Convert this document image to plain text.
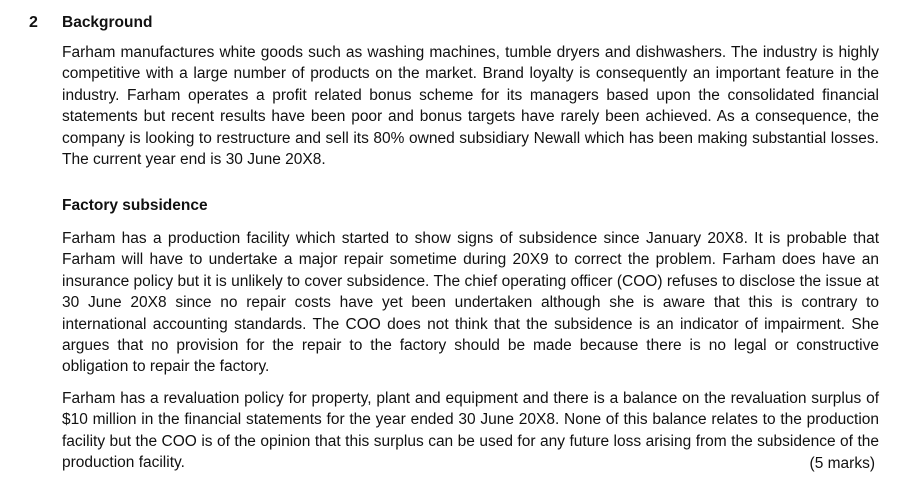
2 Background

Farham manufactures white goods such as washing machines, tumble dryers and dishwashers. The industry is highly competitive with a large number of products on the market. Brand loyalty is consequently an important feature in the industry. Farham operates a profit related bonus scheme for its managers based upon the consolidated financial statements but recent results have been poor and bonus targets have rarely been achieved. As a consequence, the company is looking to restructure and sell its 80% owned subsidiary Newall which has been making substantial losses. The current year end is 30 June 20X8.

Factory subsidence

Farham has a production facility which started to show signs of subsidence since January 20X8. It is probable that Farham will have to undertake a major repair sometime during 20X9 to correct the problem. Farham does have an insurance policy but it is unlikely to cover subsidence. The chief operating officer (COO) refuses to disclose the issue at 30 June 20X8 since no repair costs have yet been undertaken although she is aware that this is contrary to international accounting standards. The COO does not think that the subsidence is an indicator of impairment. She argues that no provision for the repair to the factory should be made because there is no legal or constructive obligation to repair the factory.

Farham has a revaluation policy for property, plant and equipment and there is a balance on the revaluation surplus of $10 million in the financial statements for the year ended 30 June 20X8. None of this balance relates to the production facility but the COO is of the opinion that this surplus can be used for any future loss arising from the subsidence of the production facility.	(5 marks)
